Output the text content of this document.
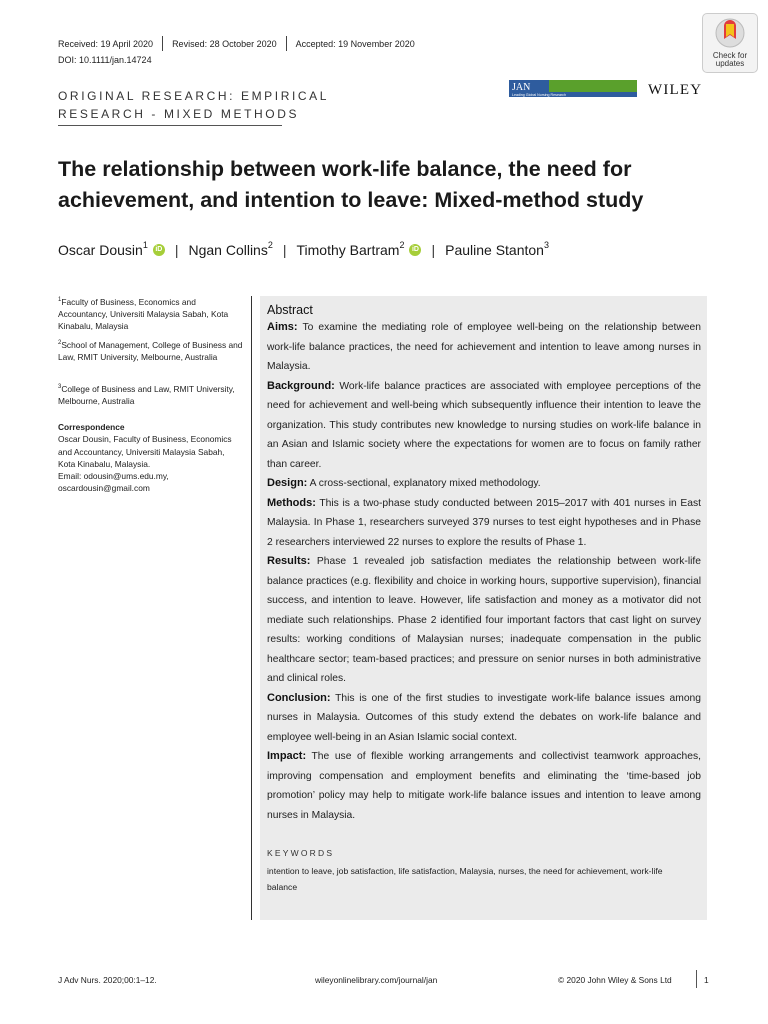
Received: 19 April 2020 Revised: 28 October 2020 Accepted: 19 November 2020
DOI: 10.1111/jan.14724
ORIGINAL RESEARCH: EMPIRICAL
RESEARCH - MIXED METHODS
JAN
Leading Global Nursing Research	WILEY
Check for
updates
The relationship between work-life balance, the need for achievement, and intention to leave: Mixed-method study
Oscar Dousin$^1$	iD | Ngan Collins$^2$ | Timothy Bartram$^2$	iD | Pauline Stanton$^3$
$^1$Faculty of Business, Economics and Accountancy, Universiti Malaysia Sabah, Kota Kinabalu, Malaysia
$^2$School of Management, College of Business and Law, RMIT University, Melbourne, Australia
$^3$College of Business and Law, RMIT University, Melbourne, Australia
Correspondence
Oscar Dousin, Faculty of Business, Economics and Accountancy, Universiti Malaysia Sabah, Kota Kinabalu, Malaysia.
Email: odousin@ums.edu.my, oscardousin@gmail.com
Abstract

Aims: To examine the mediating role of employee well-being on the relationship between work-life balance practices, the need for achievement and intention to leave among nurses in Malaysia.

Background: Work-life balance practices are associated with employee perceptions of the need for achievement and well-being which subsequently influence their intention to leave the organization. This study contributes new knowledge to nursing studies on work-life balance in an Asian and Islamic society where the expectations for women are to focus on family rather than career.

Design: A cross-sectional, explanatory mixed methodology.

Methods: This is a two-phase study conducted between 2015–2017 with 401 nurses in East Malaysia. In Phase 1, researchers surveyed 379 nurses to test eight hypotheses and in Phase 2 researchers interviewed 22 nurses to explore the results of Phase 1.

Results: Phase 1 revealed job satisfaction mediates the relationship between work-life balance practices (e.g. flexibility and choice in working hours, supportive supervision), financial success, and intention to leave. However, life satisfaction and money as a motivator did not mediate such relationships. Phase 2 identified four important factors that cast light on survey results: working conditions of Malaysian nurses; inadequate compensation in the public healthcare sector; team-based practices; and pressure on senior nurses in both administrative and clinical roles.

Conclusion: This is one of the first studies to investigate work-life balance issues among nurses in Malaysia. Outcomes of this study extend the debates on work-life balance and employee well-being in an Asian Islamic social context.

Impact: The use of flexible working arrangements and collectivist teamwork approaches, improving compensation and employment benefits and eliminating the ‘time-based job promotion’ policy may help to mitigate work-life balance issues and intention to leave among nurses in Malaysia.

KEYWORDS
intention to leave, job satisfaction, life satisfaction, Malaysia, nurses, the need for achievement, work-life balance
J Adv Nurs. 2020;00:1–12.	wileyonlinelibrary.com/journal/jan	© 2020 John Wiley & Sons Ltd	1
